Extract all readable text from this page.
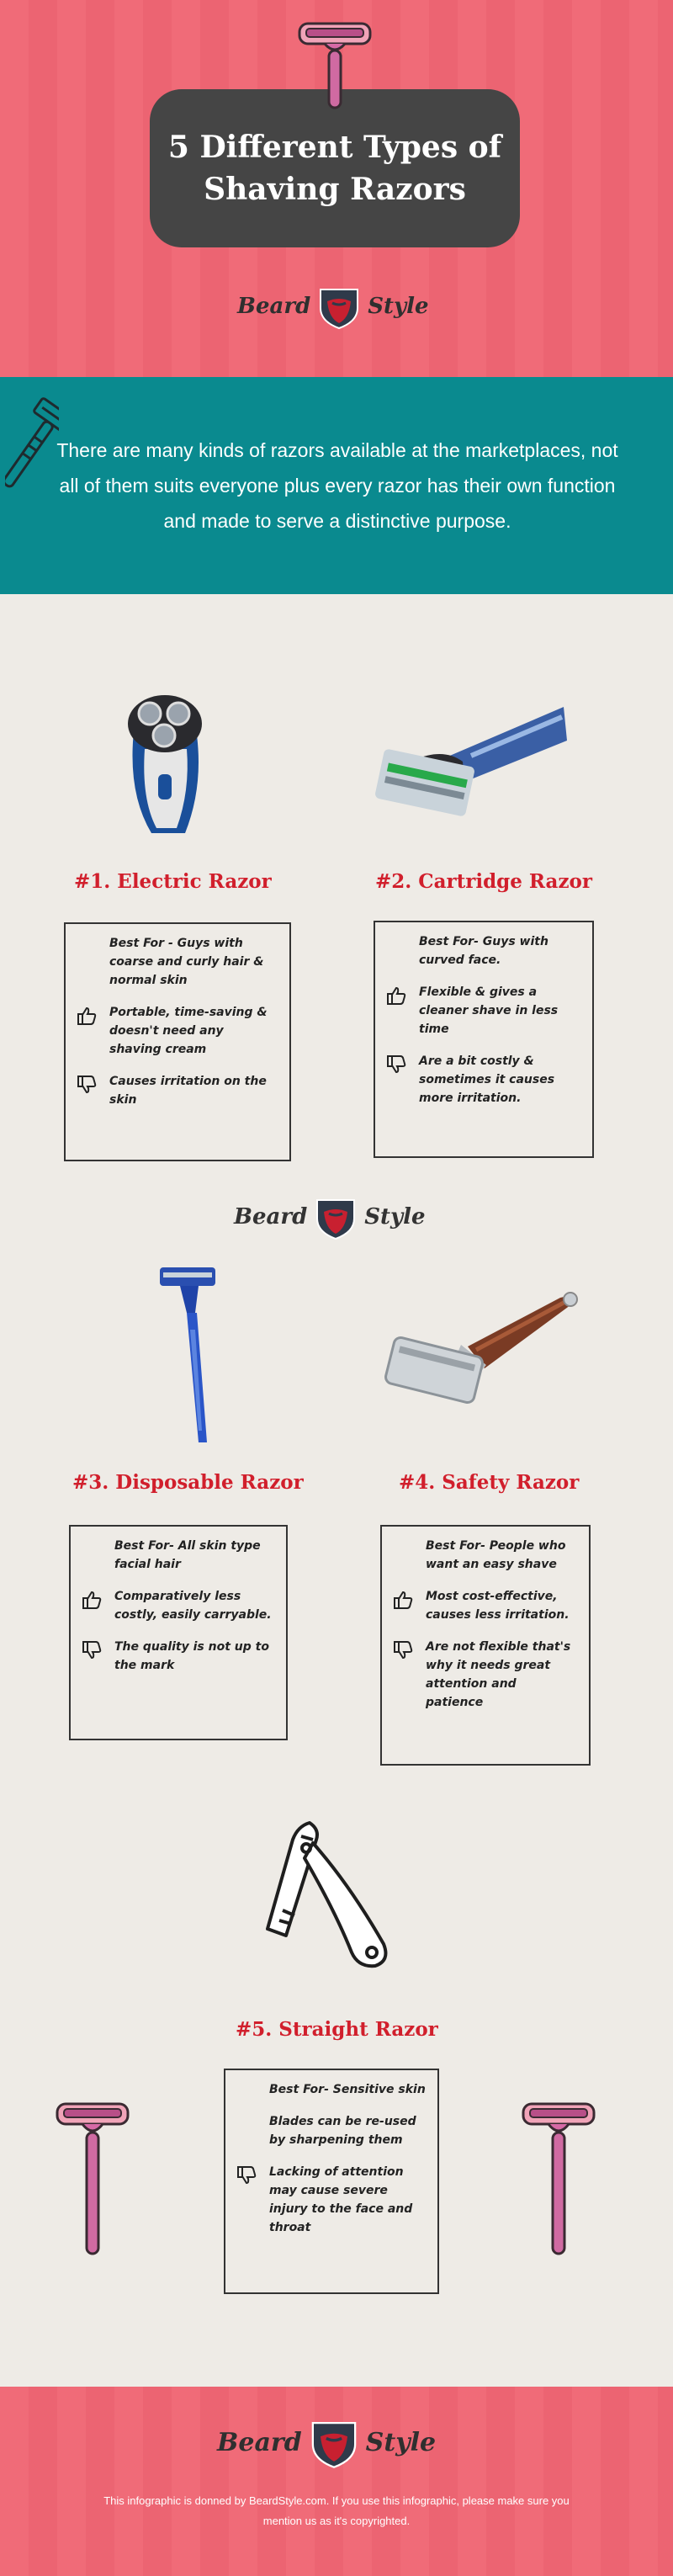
5 Different Types of
Shaving Razors
Beard	Style
There are many kinds of razors available at the marketplaces, not all of them suits everyone plus every razor has their own function and made to serve a distinctive purpose.
#1. Electric Razor

Best For - Guys with coarse and curly hair & normal skin

Portable, time-saving & doesn't need any shaving cream

Causes irritation on the skin

#2. Cartridge Razor

Best For- Guys with curved face.

Flexible & gives a cleaner shave in less time

Are a bit costly & sometimes it causes more irritation.

Beard	Style
#3. Disposable Razor

Best For- All skin type facial hair

Comparatively less costly, easily carryable.

The quality is not up to the mark

#4. Safety Razor

Best For- People who want an easy shave

Most cost-effective, causes less irritation.

Are not flexible that's why it needs great attention and patience

#5. Straight Razor

Best For- Sensitive skin

Blades can be re-used by sharpening them

Lacking of attention may cause severe injury to the face and throat

Beard	Style
This infographic is donned by BeardStyle.com. If you use this infographic, please make sure you mention us as it's copyrighted.
